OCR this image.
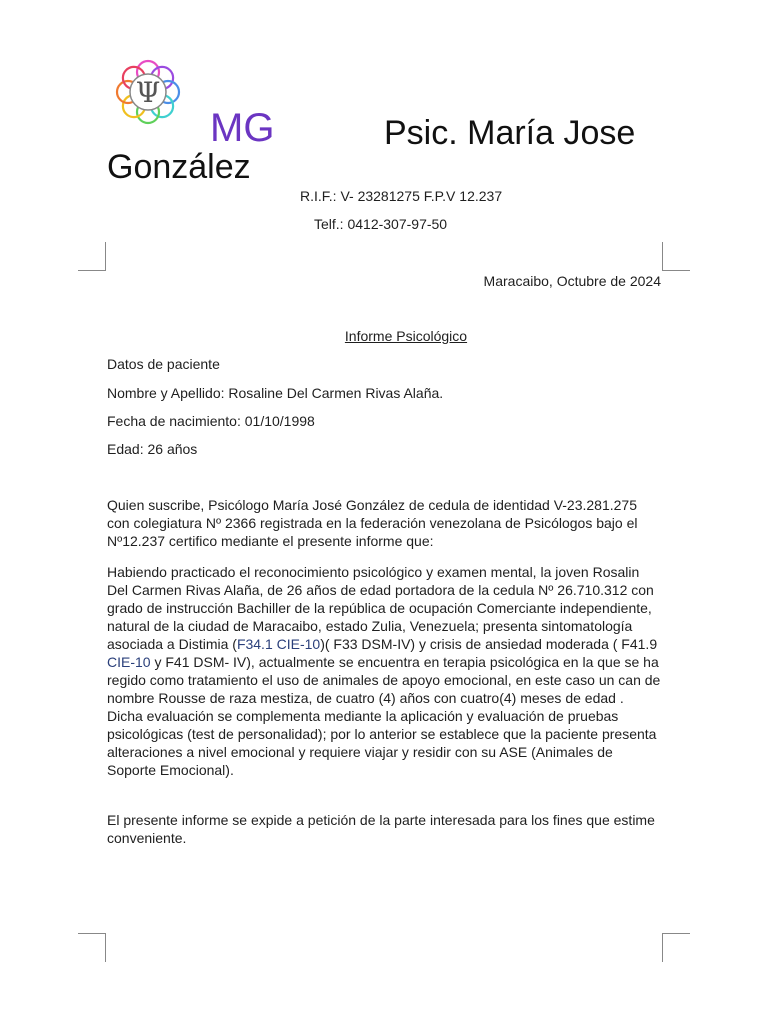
Ψ
MG	Psic. María Jose
González
R.I.F.: V- 23281275 F.P.V 12.237
Telf.: 0412-307-97-50
Maracaibo, Octubre de 2024
Informe Psicológico
Datos de paciente
Nombre y Apellido: Rosaline Del Carmen Rivas Alaña.
Fecha de nacimiento: 01/10/1998
Edad: 26 años

Quien suscribe, Psicólogo María José González de cedula de identidad V-23.281.275 con colegiatura Nº 2366 registrada en la federación venezolana de Psicólogos bajo el Nº12.237 certifico mediante el presente informe que:

Habiendo practicado el reconocimiento psicológico y examen mental, la joven Rosalin Del Carmen Rivas Alaña, de 26 años de edad portadora de la cedula Nº 26.710.312 con grado de instrucción Bachiller de la república de ocupación Comerciante independiente, natural de la ciudad de Maracaibo, estado Zulia, Venezuela; presenta sintomatología asociada a Distimia (F34.1 CIE-10)( F33 DSM-IV) y crisis de ansiedad moderada ( F41.9 CIE-10 y F41 DSM- IV), actualmente se encuentra en terapia psicológica en la que se ha regido como tratamiento el uso de animales de apoyo emocional, en este caso un can de nombre Rousse de raza mestiza, de cuatro (4) años con cuatro(4) meses de edad . Dicha evaluación se complementa mediante la aplicación y evaluación de pruebas psicológicas (test de personalidad); por lo anterior se establece que la paciente presenta alteraciones a nivel emocional y requiere viajar y residir con su ASE (Animales de Soporte Emocional).

El presente informe se expide a petición de la parte interesada para los fines que estime conveniente.
